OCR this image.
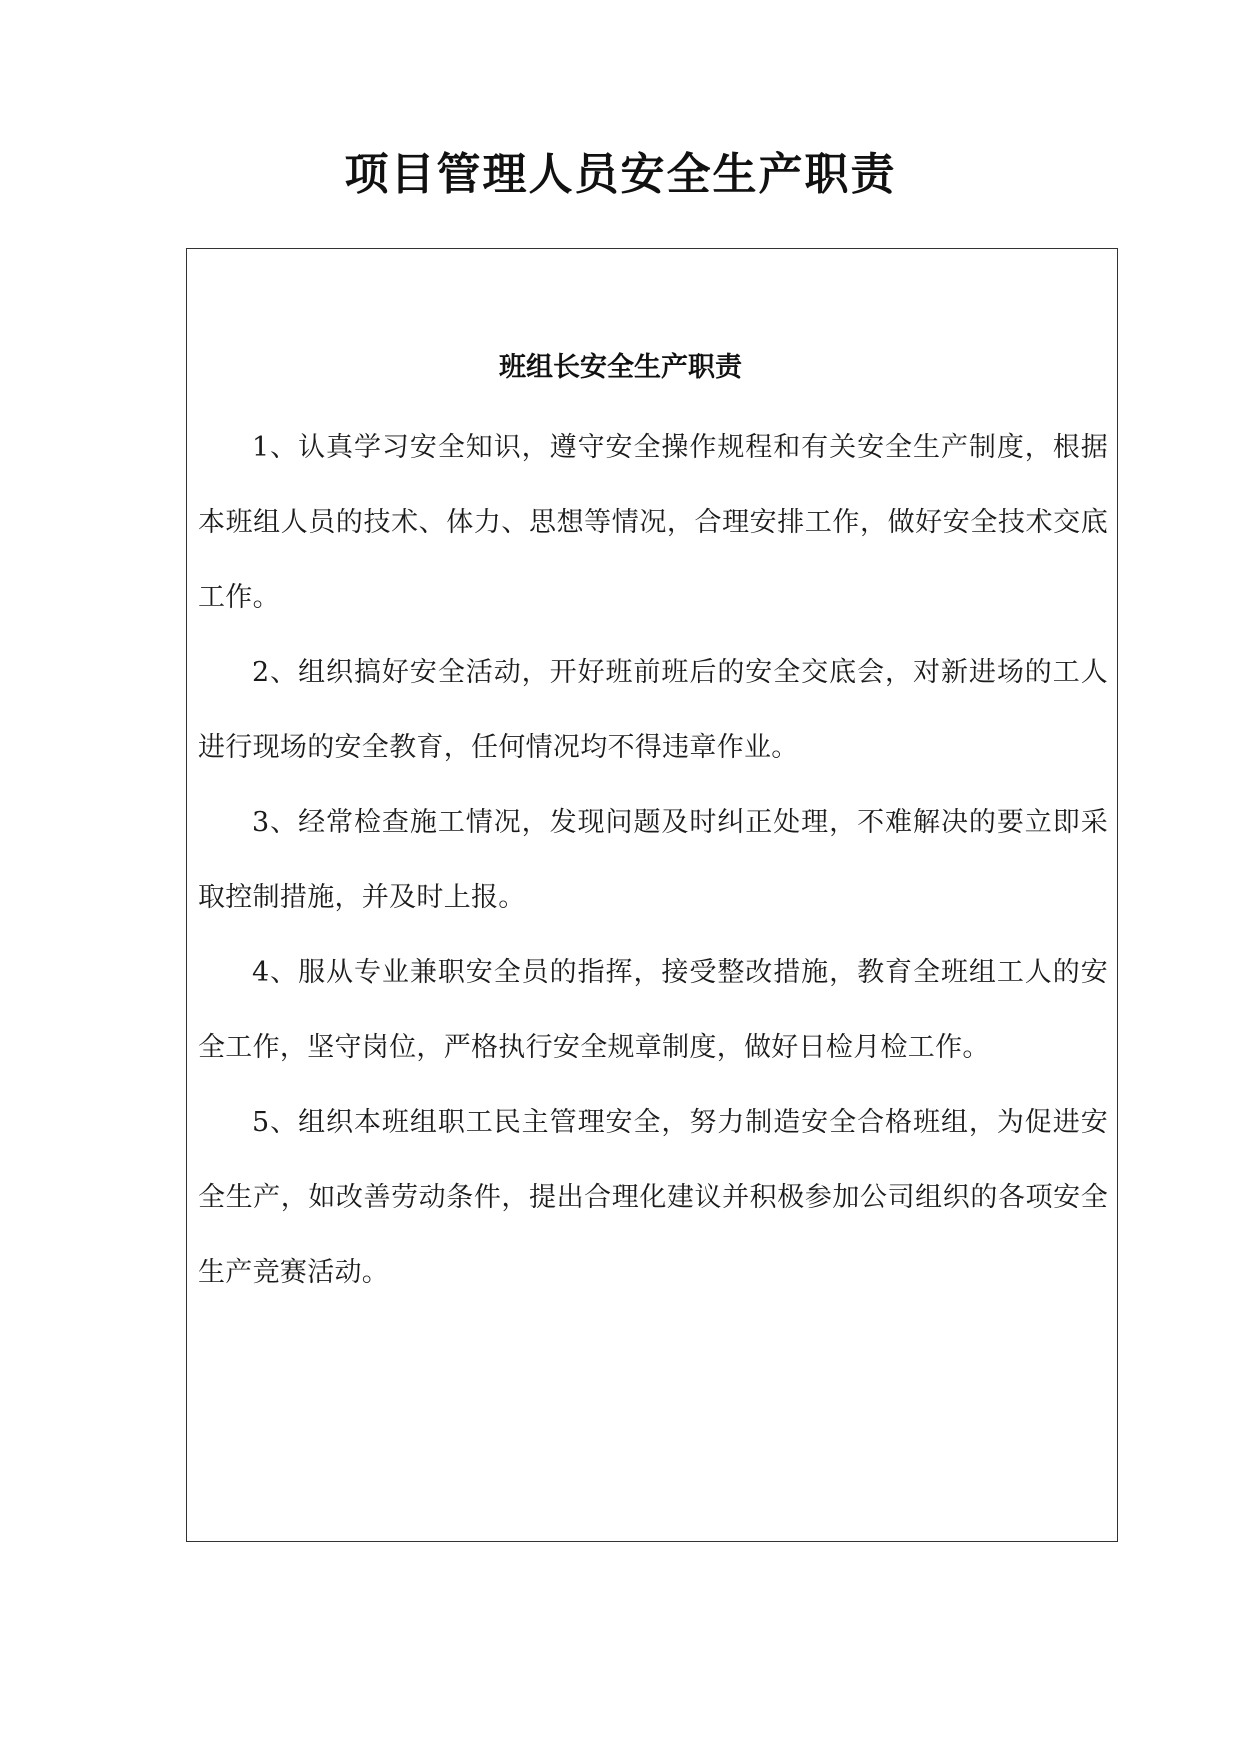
项目管理人员安全生产职责
班组长安全生产职责

1、认真学习安全知识，遵守安全操作规程和有关安全生产制度，根据本班组人员的技术、体力、思想等情况，合理安排工作，做好安全技术交底工作。

2、组织搞好安全活动，开好班前班后的安全交底会，对新进场的工人进行现场的安全教育，任何情况均不得违章作业。

3、经常检查施工情况，发现问题及时纠正处理，不难解决的要立即采取控制措施，并及时上报。

4、服从专业兼职安全员的指挥，接受整改措施，教育全班组工人的安全工作，坚守岗位，严格执行安全规章制度，做好日检月检工作。

5、组织本班组职工民主管理安全，努力制造安全合格班组，为促进安全生产，如改善劳动条件，提出合理化建议并积极参加公司组织的各项安全生产竞赛活动。
